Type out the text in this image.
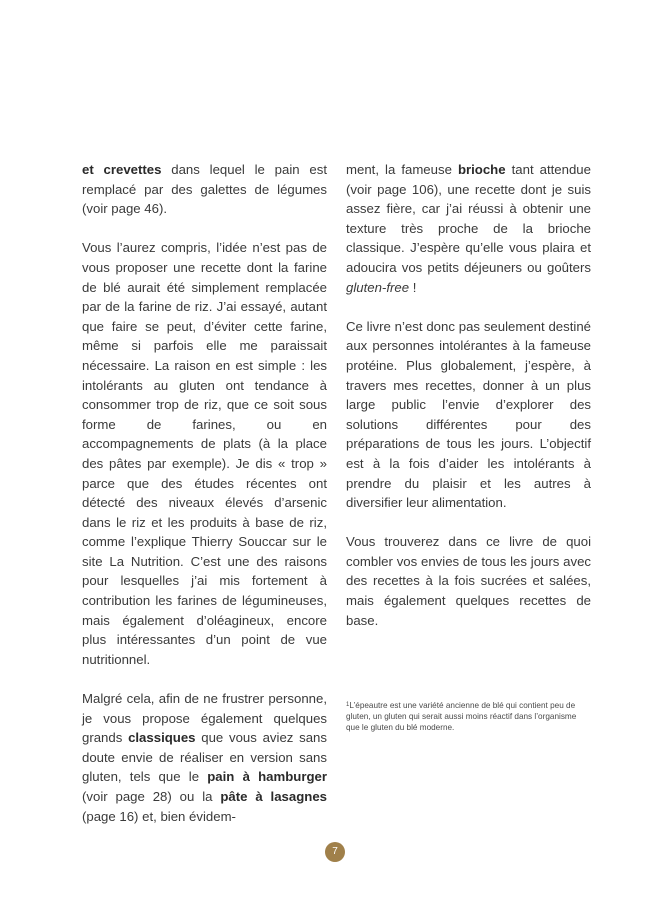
et crevettes dans lequel le pain est remplacé par des galettes de légumes (voir page 46).

Vous l’aurez compris, l’idée n’est pas de vous proposer une recette dont la farine de blé aurait été simplement remplacée par de la farine de riz. J’ai essayé, autant que faire se peut, d’éviter cette farine, même si parfois elle me paraissait nécessaire. La raison en est simple : les intolérants au gluten ont tendance à consommer trop de riz, que ce soit sous forme de farines, ou en accompagnements de plats (à la place des pâtes par exemple). Je dis « trop » parce que des études récentes ont détecté des niveaux élevés d’arsenic dans le riz et les produits à base de riz, comme l’explique Thierry Souccar sur le site La Nutrition. C’est une des raisons pour lesquelles j’ai mis fortement à contribution les farines de légumineuses, mais également d’oléagineux, encore plus intéressantes d’un point de vue nutritionnel.

Malgré cela, afin de ne frustrer personne, je vous propose également quelques grands classiques que vous aviez sans doute envie de réaliser en version sans gluten, tels que le pain à hamburger (voir page 28) ou la pâte à lasagnes (page 16) et, bien évidem-

ment, la fameuse brioche tant attendue (voir page 106), une recette dont je suis assez fière, car j’ai réussi à obtenir une texture très proche de la brioche classique. J’espère qu’elle vous plaira et adoucira vos petits déjeuners ou goûters gluten-free !

Ce livre n’est donc pas seulement destiné aux personnes intolérantes à la fameuse protéine. Plus globalement, j’espère, à travers mes recettes, donner à un plus large public l’envie d’explorer des solutions différentes pour des préparations de tous les jours. L’objectif est à la fois d’aider les intolérants à prendre du plaisir et les autres à diversifier leur alimentation.

Vous trouverez dans ce livre de quoi combler vos envies de tous les jours avec des recettes à la fois sucrées et salées, mais également quelques recettes de base.

$^1$L’épeautre est une variété ancienne de blé qui contient peu de gluten, un gluten qui serait aussi moins réactif dans l’organisme que le gluten du blé moderne.
7
